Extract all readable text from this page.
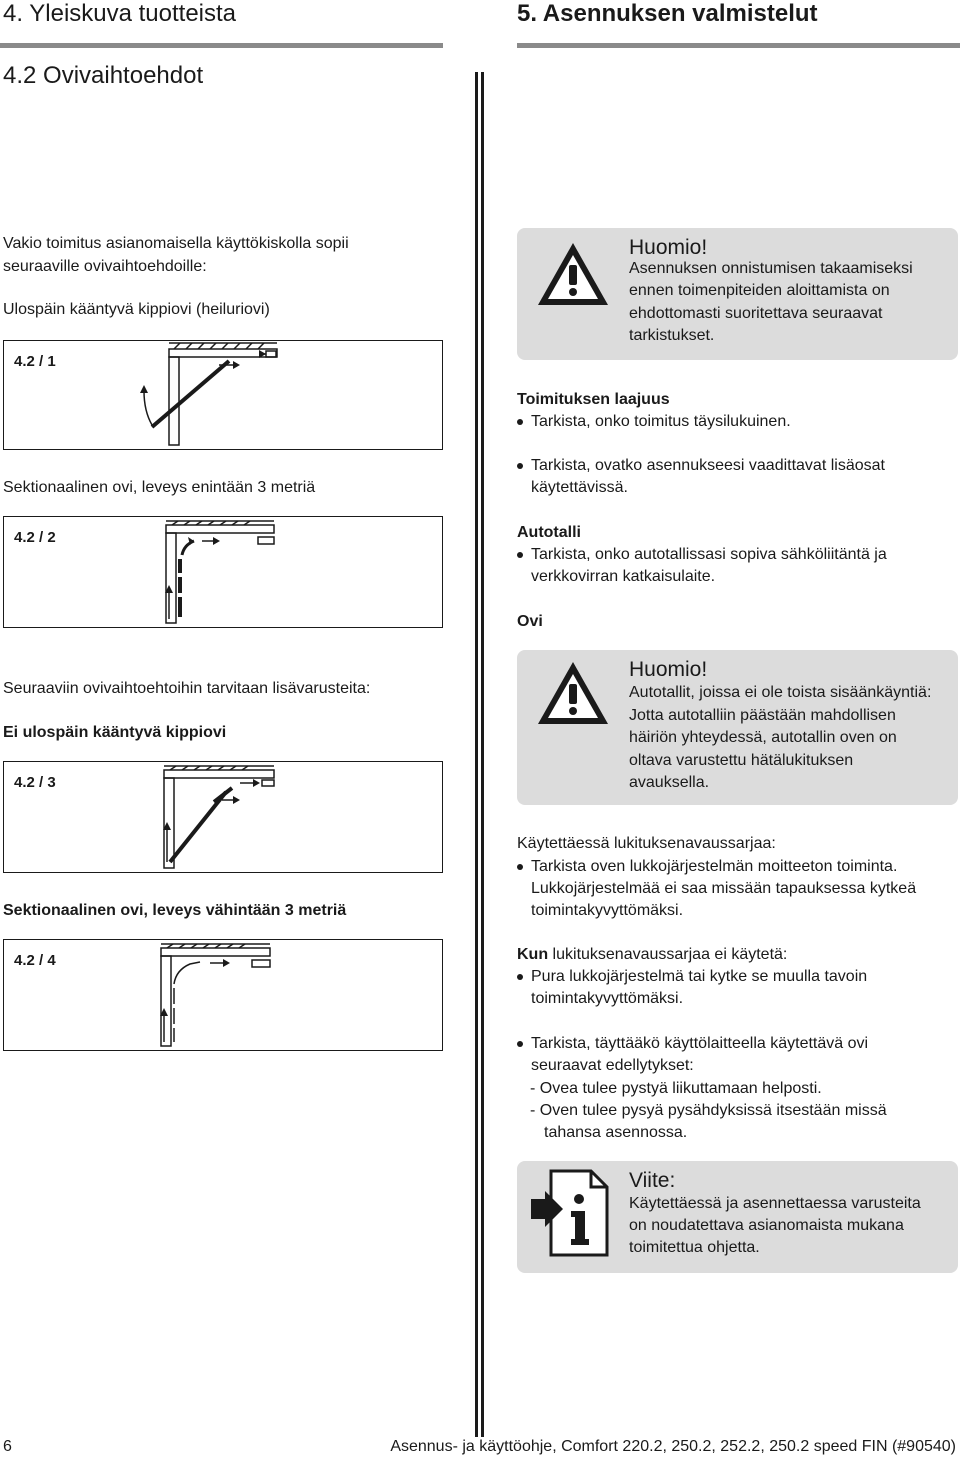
4. Yleiskuva tuotteista	5. Asennuksen valmistelut
4.2 Ovivaihtoehdot
Vakio toimitus asianomaisella käyttökiskolla sopii
seuraaville ovivaihtoehdoille:
Ulospäin kääntyvä kippiovi (heiluriovi)
4.2 / 1
Sektionaalinen ovi, leveys enintään 3 metriä
4.2 / 2
Seuraaviin ovivaihtoehtoihin tarvitaan lisävarusteita:
Ei ulospäin kääntyvä kippiovi
4.2 / 3
Sektionaalinen ovi, leveys vähintään 3 metriä
4.2 / 4
Huomio!
Asennuksen onnistumisen takaamiseksi
ennen toimenpiteiden aloittamista on
ehdottomasti suoritettava seuraavat
tarkistukset.
Toimituksen laajuus
Tarkista, onko toimitus täysilukuinen.
Tarkista, ovatko asennukseesi vaadittavat lisäosat
käytettävissä.
Autotalli
Tarkista, onko autotallissasi sopiva sähköliitäntä ja
verkkovirran katkaisulaite.
Ovi
Huomio!
Autotallit, joissa ei ole toista sisäänkäyntiä:
Jotta autotalliin päästään mahdollisen
häiriön yhteydessä, autotallin oven on
oltava varustettu hätälukituksen
avauksella.
Käytettäessä lukituksenavaussarjaa:
Tarkista oven lukkojärjestelmän moitteeton toiminta.
Lukkojärjestelmää ei saa missään tapauksessa kytkeä
toimintakyvyttömäksi.
Kun lukituksenavaussarjaa ei käytetä:
Pura lukkojärjestelmä tai kytke se muulla tavoin
toimintakyvyttömäksi.
Tarkista, täyttääkö käyttölaitteella käytettävä ovi
seuraavat edellytykset:
- Ovea tulee pystyä liikuttamaan helposti.
- Oven tulee pysyä pysähdyksissä itsestään missä
tahansa asennossa.
Viite:
Käytettäessä ja asennettaessa varusteita
on noudatettava asianomaista mukana
toimitettua ohjetta.
6	Asennus- ja käyttöohje, Comfort 220.2, 250.2, 252.2, 250.2 speed FIN (#90540)
